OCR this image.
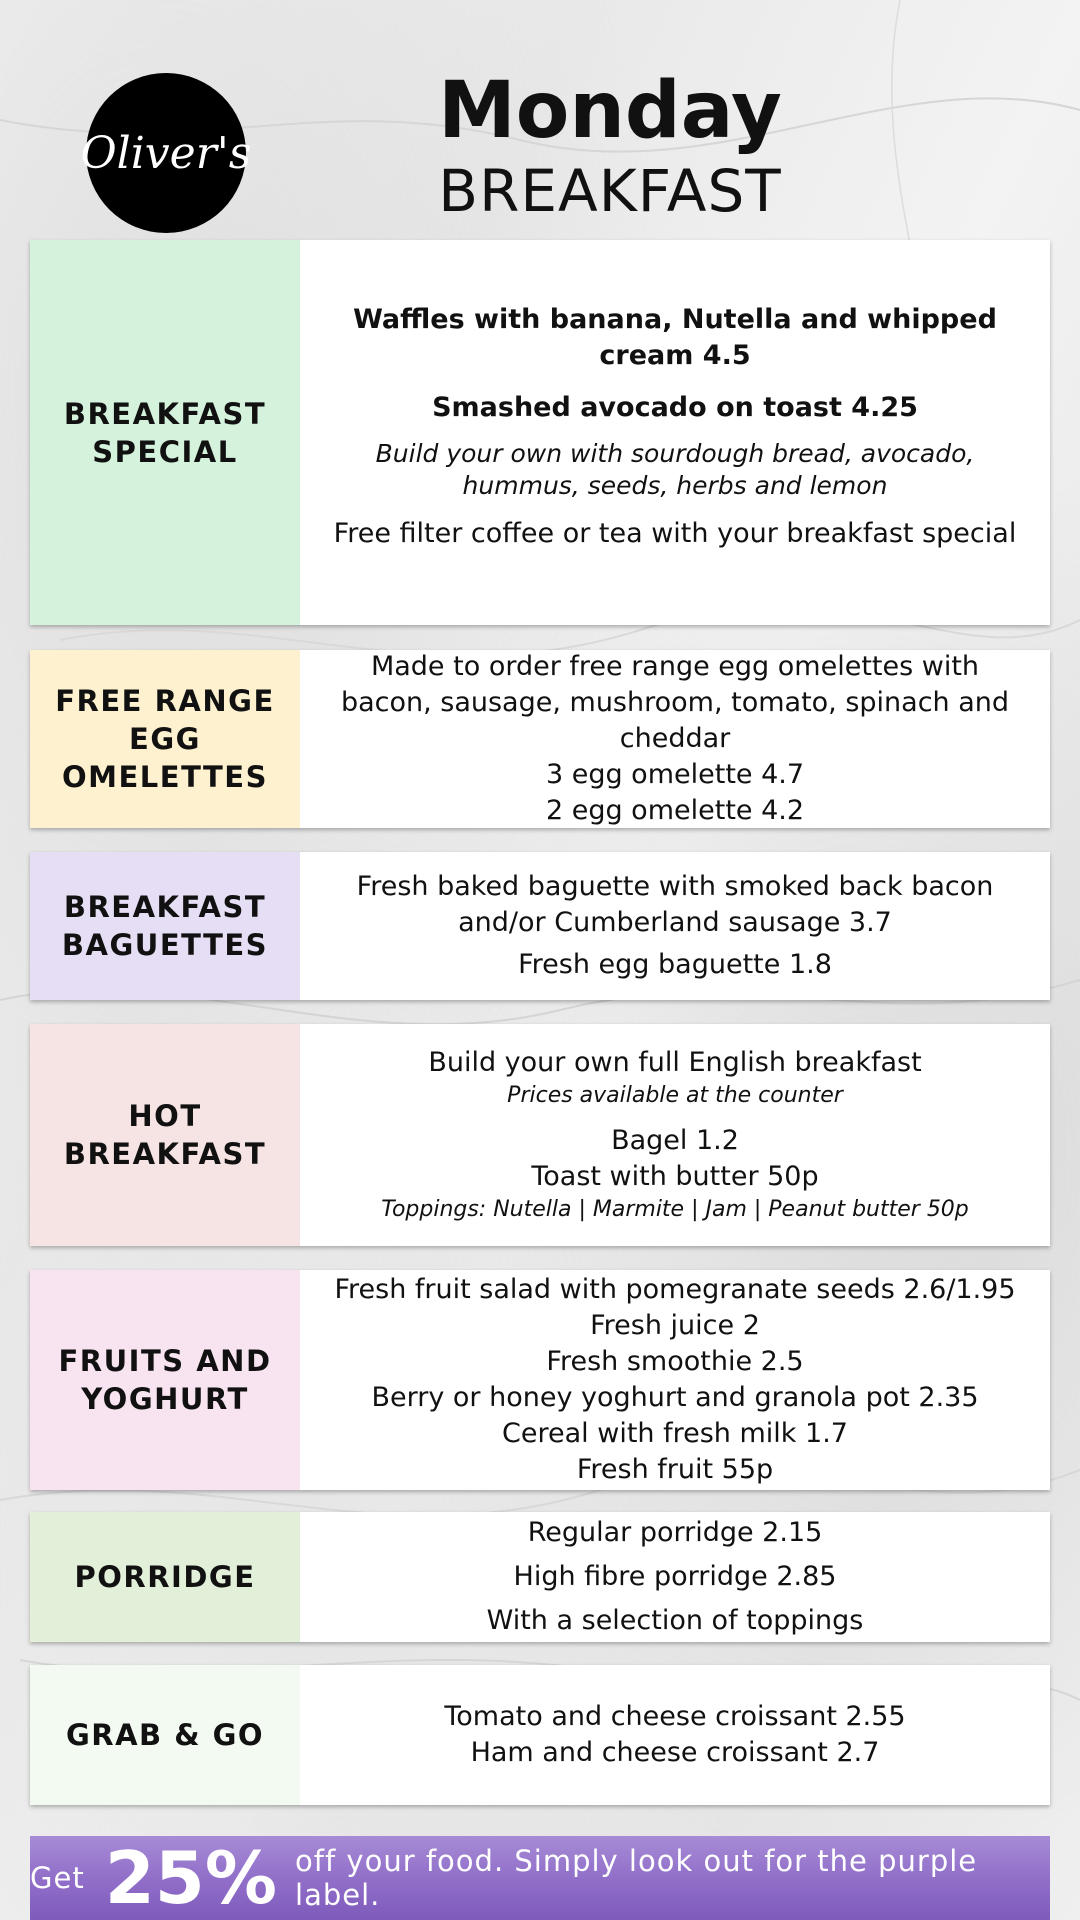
Oliver's	Monday
BREAKFAST
BREAKFAST SPECIAL
Waffles with banana, Nutella and whipped cream 4.5
Smashed avocado on toast 4.25
Build your own with sourdough bread, avocado, hummus, seeds, herbs and lemon
Free filter coffee or tea with your breakfast special
FREE RANGE EGG OMELETTES
Made to order free range egg omelettes with bacon, sausage, mushroom, tomato, spinach and cheddar
3 egg omelette 4.7
2 egg omelette 4.2
BREAKFAST BAGUETTES
Fresh baked baguette with smoked back bacon and/or Cumberland sausage 3.7
Fresh egg baguette 1.8
HOT BREAKFAST
Build your own full English breakfast
Prices available at the counter
Bagel 1.2
Toast with butter 50p
Toppings: Nutella | Marmite | Jam | Peanut butter 50p
FRUITS AND YOGHURT
Fresh fruit salad with pomegranate seeds 2.6/1.95
Fresh juice 2
Fresh smoothie 2.5
Berry or honey yoghurt and granola pot 2.35
Cereal with fresh milk 1.7
Fresh fruit 55p
PORRIDGE
Regular porridge 2.15
High fibre porridge 2.85
With a selection of toppings
GRAB & GO
Tomato and cheese croissant 2.55
Ham and cheese croissant 2.7
Get 25% off your food. Simply look out for the purple label.
